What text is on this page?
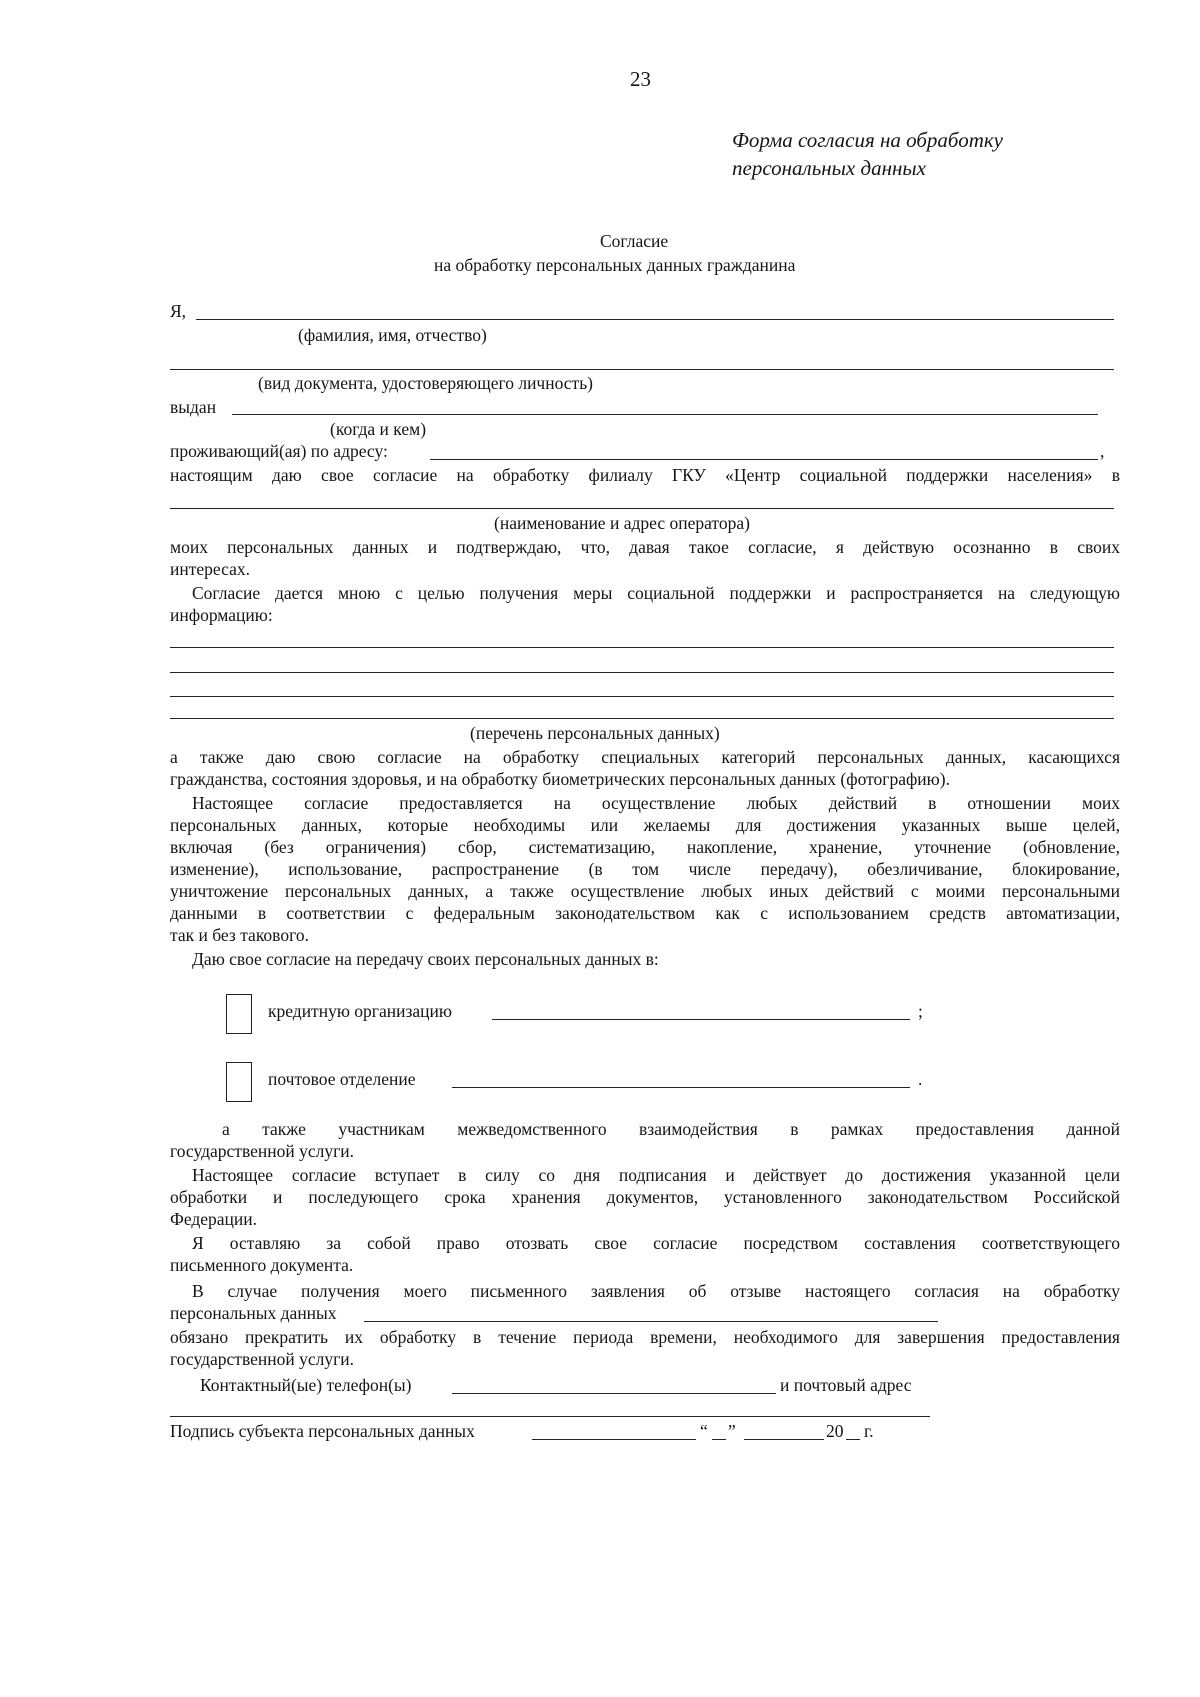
23
Форма согласия на обработку
персональных данных
Согласие
на обработку персональных данных гражданина
Я,
(фамилия, имя, отчество)
(вид документа, удостоверяющего личность)
выдан
(когда и кем)
проживающий(ая) по адресу:	,
настоящим даю свое согласие на обработку филиалу ГКУ «Центр социальной поддержки населения» в
(наименование и адрес оператора)
моих персональных данных и подтверждаю, что, давая такое согласие, я действую осознанно в своих
интересах.
Согласие дается мною с целью получения меры социальной поддержки и распространяется на следующую
информацию:
(перечень персональных данных)
а также даю свою согласие на обработку специальных категорий персональных данных, касающихся
гражданства, состояния здоровья, и на обработку биометрических персональных данных (фотографию).
Настоящее согласие предоставляется на осуществление любых действий в отношении моих
персональных данных, которые необходимы или желаемы для достижения указанных выше целей,
включая (без ограничения) сбор, систематизацию, накопление, хранение, уточнение (обновление,
изменение), использование, распространение (в том числе передачу), обезличивание, блокирование,
уничтожение персональных данных, а также осуществление любых иных действий с моими персональными
данными в соответствии с федеральным законодательством как с использованием средств автоматизации,
так и без такового.
Даю свое согласие на передачу своих персональных данных в:
кредитную организацию	;
почтовое отделение	.
а также участникам межведомственного взаимодействия в рамках предоставления данной
государственной услуги.
Настоящее согласие вступает в силу со дня подписания и действует до достижения указанной цели
обработки и последующего срока хранения документов, установленного законодательством Российской
Федерации.
Я оставляю за собой право отозвать свое согласие посредством составления соответствующего
письменного документа.
В случае получения моего письменного заявления об отзыве настоящего согласия на обработку
персональных данных
обязано прекратить их обработку в течение периода времени, необходимого для завершения предоставления
государственной услуги.
Контактный(ые) телефон(ы)	и почтовый адрес
Подпись субъекта персональных данных	“ ”	20 г.
